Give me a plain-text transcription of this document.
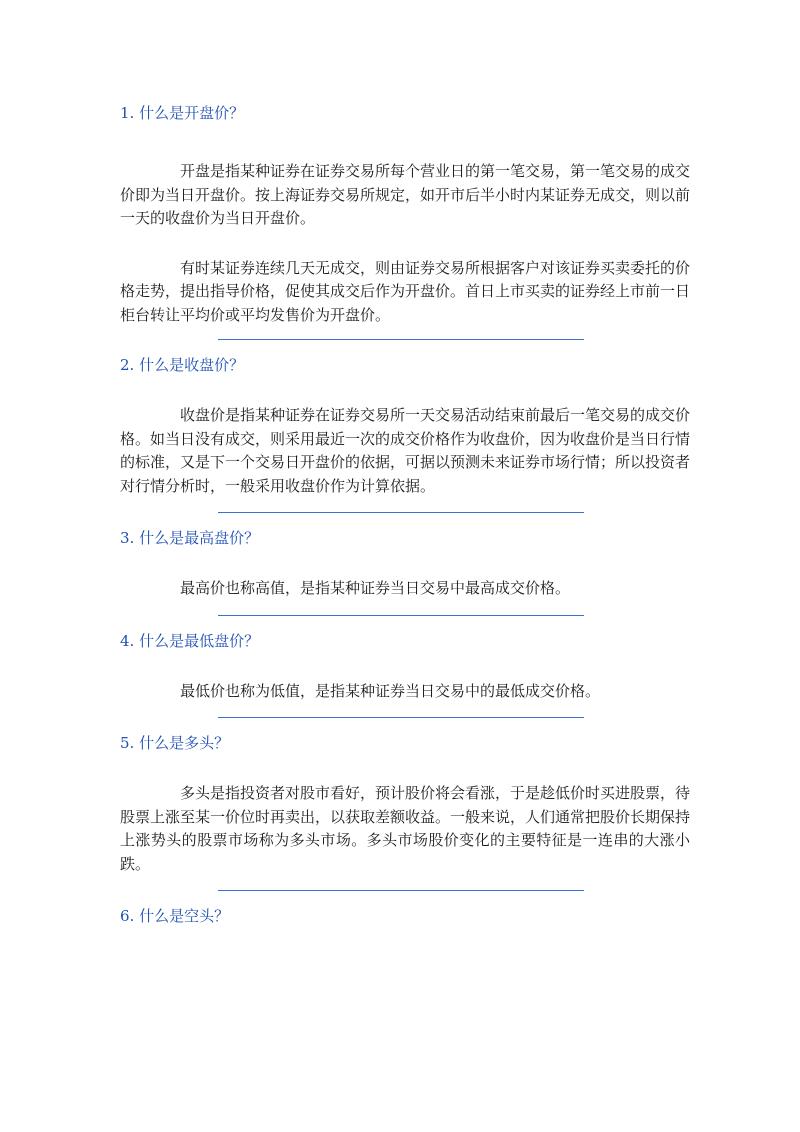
1. 什么是开盘价？

开盘是指某种证券在证券交易所每个营业日的第一笔交易，第一笔交易的成交价即为当日开盘价。按上海证券交易所规定，如开市后半小时内某证券无成交，则以前一天的收盘价为当日开盘价。

有时某证券连续几天无成交，则由证券交易所根据客户对该证券买卖委托的价格走势，提出指导价格，促使其成交后作为开盘价。首日上市买卖的证券经上市前一日柜台转让平均价或平均发售价为开盘价。

2. 什么是收盘价？

收盘价是指某种证券在证券交易所一天交易活动结束前最后一笔交易的成交价格。如当日没有成交，则采用最近一次的成交价格作为收盘价，因为收盘价是当日行情的标准，又是下一个交易日开盘价的依据，可据以预测未来证券市场行情；所以投资者对行情分析时，一般采用收盘价作为计算依据。

3. 什么是最高盘价？

最高价也称高值，是指某种证券当日交易中最高成交价格。

4. 什么是最低盘价？

最低价也称为低值，是指某种证券当日交易中的最低成交价格。

5. 什么是多头？

多头是指投资者对股市看好，预计股价将会看涨，于是趁低价时买进股票，待股票上涨至某一价位时再卖出，以获取差额收益。一般来说，人们通常把股价长期保持上涨势头的股票市场称为多头市场。多头市场股价变化的主要特征是一连串的大涨小跌。

6. 什么是空头？
